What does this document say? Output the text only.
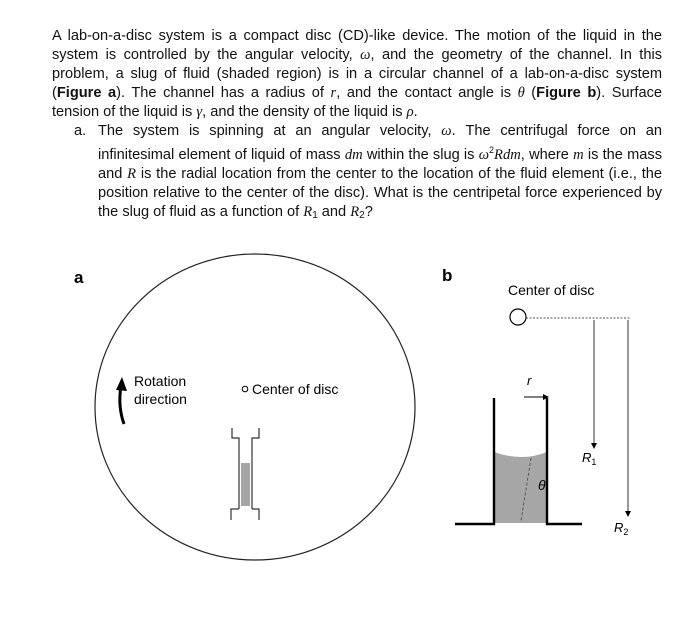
A lab-on-a-disc system is a compact disc (CD)-like device. The motion of the liquid in the system is controlled by the angular velocity, ω, and the geometry of the channel. In this problem, a slug of fluid (shaded region) is in a circular channel of a lab-on-a-disc system (Figure a). The channel has a radius of r, and the contact angle is θ (Figure b). Surface tension of the liquid is γ, and the density of the liquid is ρ.
a. The system is spinning at an angular velocity, ω. The centrifugal force on an infinitesimal element of liquid of mass dm within the slug is $\omega^2Rdm$, where m is the mass and R is the radial location from the center to the location of the fluid element (i.e., the position relative to the center of the disc). What is the centripetal force experienced by the slug of fluid as a function of $R_1$ and $R_2$?
a
Rotation
direction
Center of disc
b
Center of disc
$R_1$
$R_2$
r
θ
